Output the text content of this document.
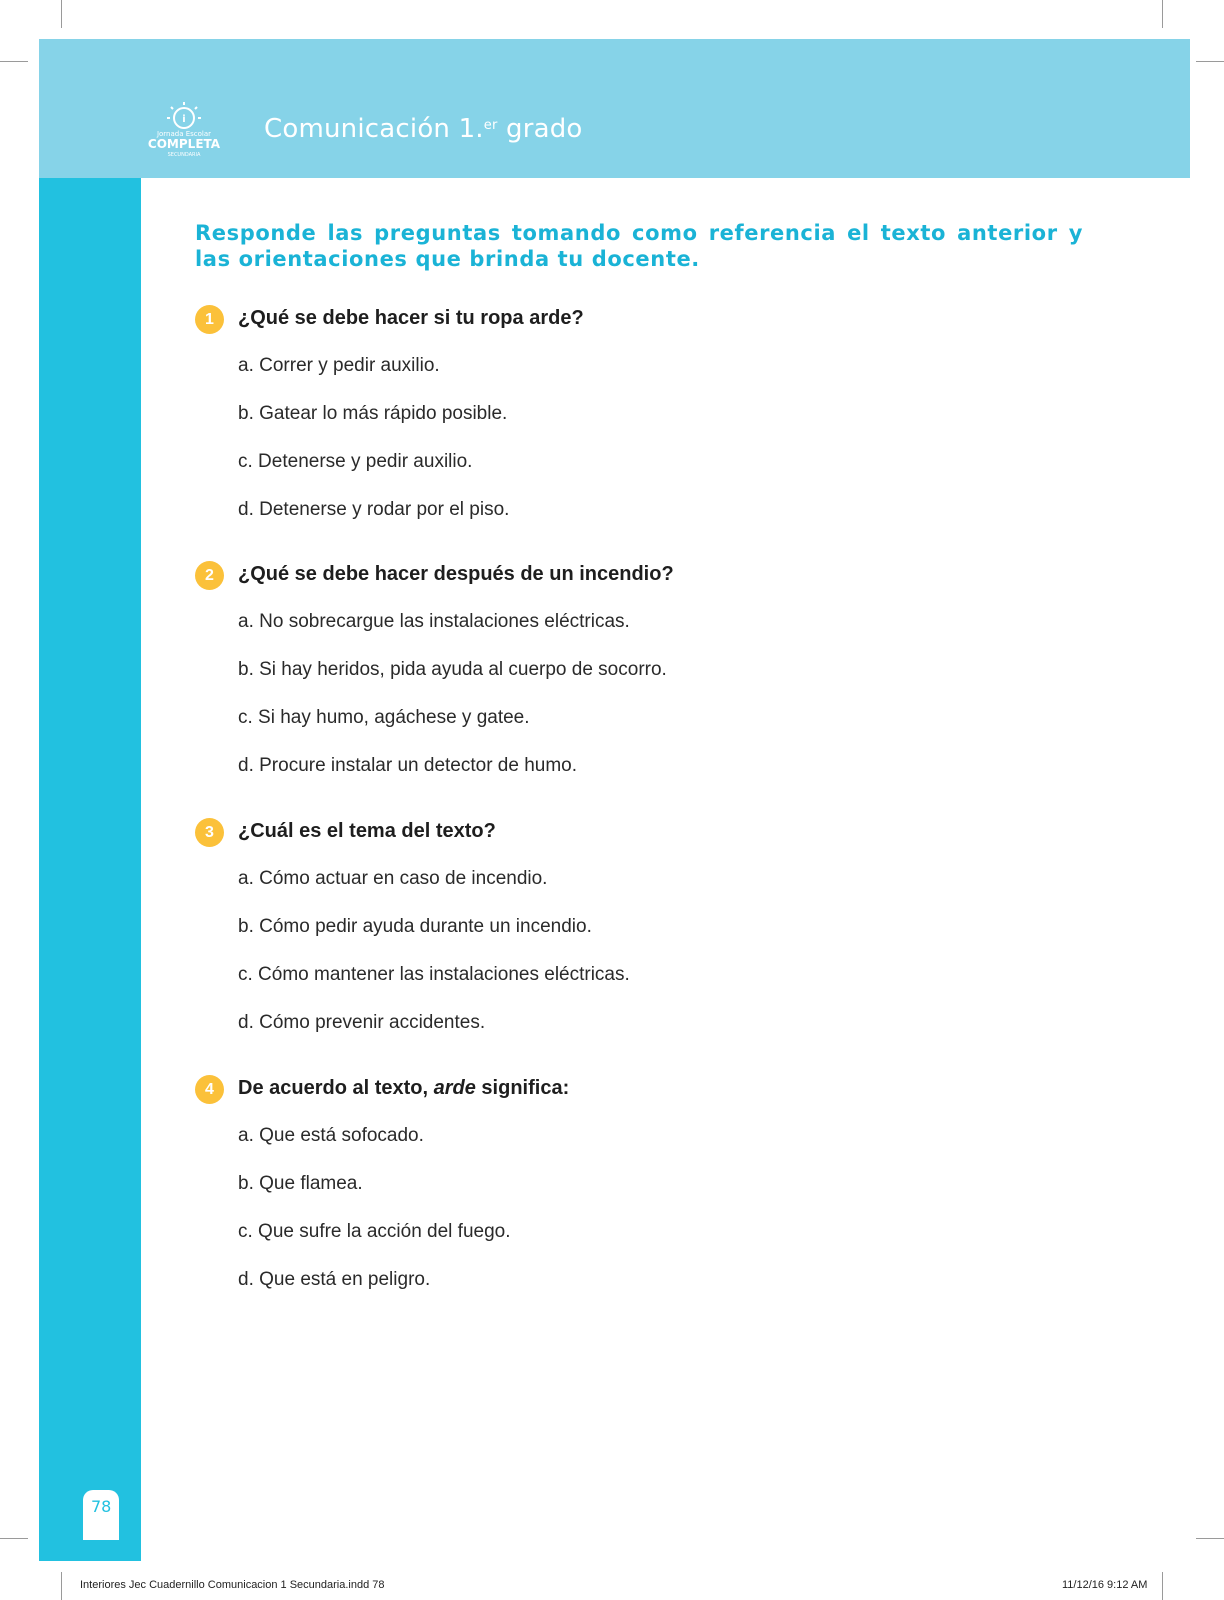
i
Jornada Escolar
COMPLETA
SECUNDARIA
Comunicación 1.$^{er}$ grado
Responde las preguntas tomando como referencia el texto anterior y las orientaciones que brinda tu docente.
1	¿Qué se debe hacer si tu ropa arde?
a. Correr y pedir auxilio.
b. Gatear lo más rápido posible.
c. Detenerse y pedir auxilio.
d. Detenerse y rodar por el piso.
2	¿Qué se debe hacer después de un incendio?
a. No sobrecargue las instalaciones eléctricas.
b. Si hay heridos, pida ayuda al cuerpo de socorro.
c. Si hay humo, agáchese y gatee.
d. Procure instalar un detector de humo.
3	¿Cuál es el tema del texto?
a. Cómo actuar en caso de incendio.
b. Cómo pedir ayuda durante un incendio.
c. Cómo mantener las instalaciones eléctricas.
d. Cómo prevenir accidentes.
4	De acuerdo al texto, arde significa:
a. Que está sofocado.
b. Que flamea.
c. Que sufre la acción del fuego.
d. Que está en peligro.
78
Interiores Jec Cuadernillo Comunicacion 1 Secundaria.indd 78	11/12/16 9:12 AM
